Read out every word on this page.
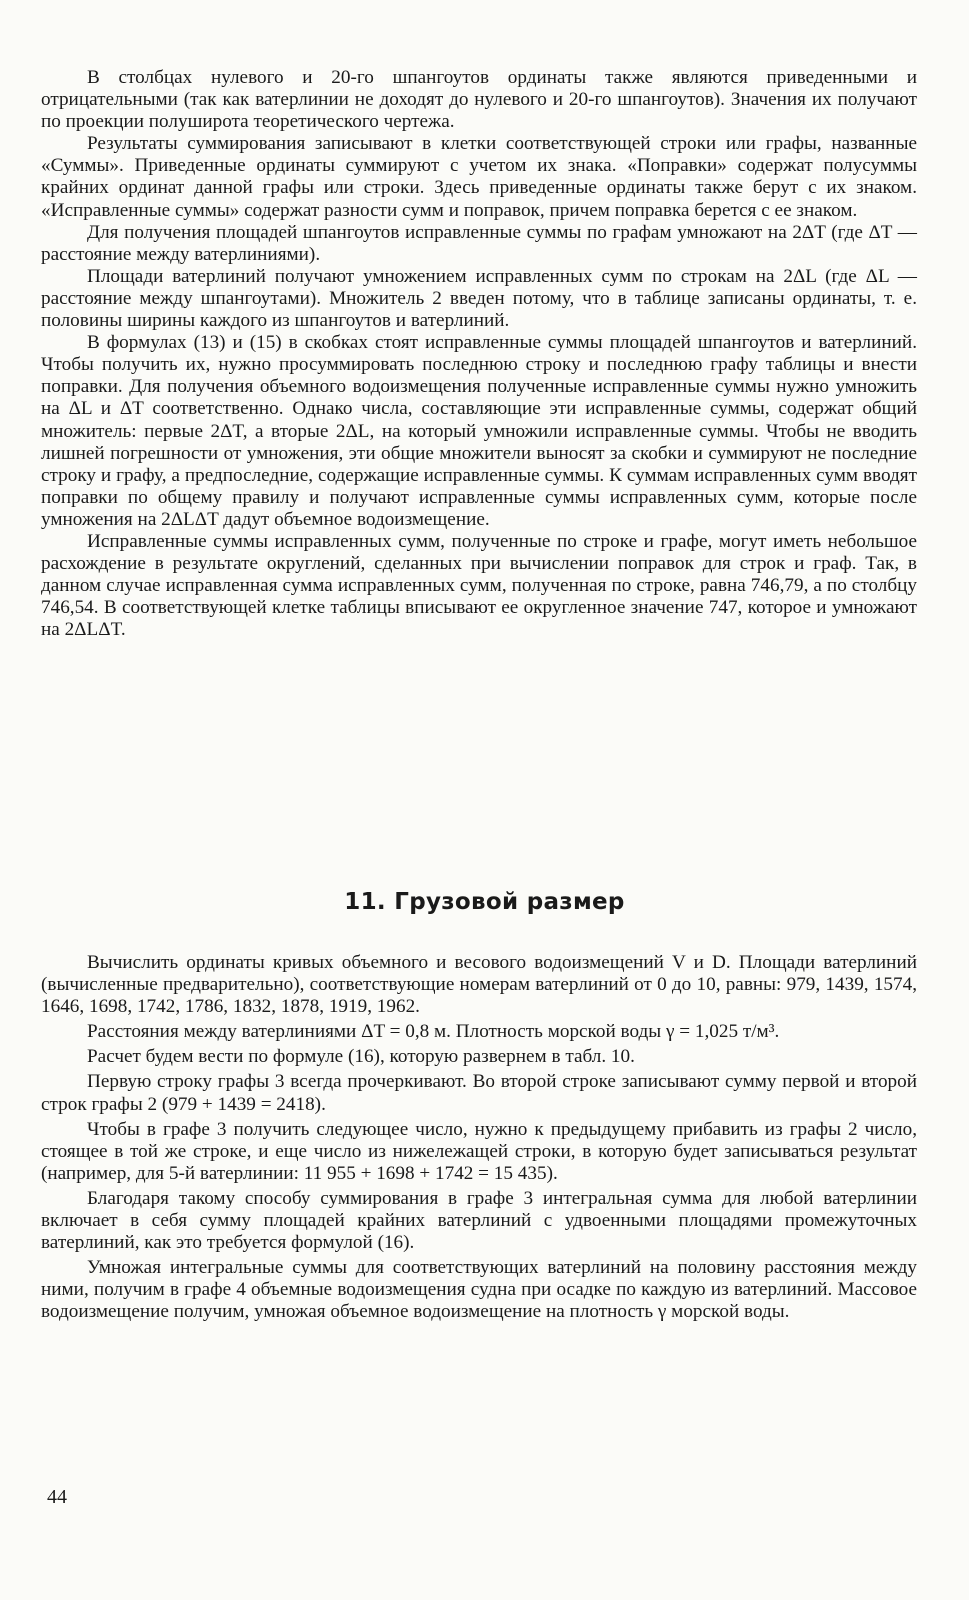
В столбцах нулевого и 20-го шпангоутов ординаты также являются приведенными и отрицательными (так как ватерлинии не доходят до нулевого и 20-го шпангоутов). Значения их получают по проекции полуширота теоретического чертежа.

Результаты суммирования записывают в клетки соответствующей строки или графы, названные «Суммы». Приведенные ординаты суммируют с учетом их знака. «Поправки» содержат полусуммы крайних ординат данной графы или строки. Здесь приведенные ординаты также берут с их знаком. «Исправленные суммы» содержат разности сумм и поправок, причем поправка берется с ее знаком.

Для получения площадей шпангоутов исправленные суммы по графам умножают на 2ΔT (где ΔT — расстояние между ватерлиниями).

Площади ватерлиний получают умножением исправленных сумм по строкам на 2ΔL (где ΔL — расстояние между шпангоутами). Множитель 2 введен потому, что в таблице записаны ординаты, т. е. половины ширины каждого из шпангоутов и ватерлиний.

В формулах (13) и (15) в скобках стоят исправленные суммы площадей шпангоутов и ватерлиний. Чтобы получить их, нужно просуммировать последнюю строку и последнюю графу таблицы и внести поправки. Для получения объемного водоизмещения полученные исправленные суммы нужно умножить на ΔL и ΔT соответственно. Однако числа, составляющие эти исправленные суммы, содержат общий множитель: первые 2ΔT, а вторые 2ΔL, на который умножили исправленные суммы. Чтобы не вводить лишней погрешности от умножения, эти общие множители выносят за скобки и суммируют не последние строку и графу, а предпоследние, содержащие исправленные суммы. К суммам исправленных сумм вводят поправки по общему правилу и получают исправленные суммы исправленных сумм, которые после умножения на 2ΔLΔT дадут объемное водоизмещение.

Исправленные суммы исправленных сумм, полученные по строке и графе, могут иметь небольшое расхождение в результате округлений, сделанных при вычислении поправок для строк и граф. Так, в данном случае исправленная сумма исправленных сумм, полученная по строке, равна 746,79, а по столбцу 746,54. В соответствующей клетке таблицы вписывают ее округленное значение 747, которое и умножают на 2ΔLΔT.

11. Грузовой размер

Вычислить ординаты кривых объемного и весового водоизмещений V и D. Площади ватерлиний (вычисленные предварительно), соответствующие номерам ватерлиний от 0 до 10, равны: 979, 1439, 1574, 1646, 1698, 1742, 1786, 1832, 1878, 1919, 1962.

Расстояния между ватерлиниями ΔT = 0,8 м. Плотность морской воды γ = 1,025 т/м³.

Расчет будем вести по формуле (16), которую развернем в табл. 10.

Первую строку графы 3 всегда прочеркивают. Во второй строке записывают сумму первой и второй строк графы 2 (979 + 1439 = 2418).

Чтобы в графе 3 получить следующее число, нужно к предыдущему прибавить из графы 2 число, стоящее в той же строке, и еще число из нижележащей строки, в которую будет записываться результат (например, для 5-й ватерлинии: 11 955 + 1698 + 1742 = 15 435).

Благодаря такому способу суммирования в графе 3 интегральная сумма для любой ватерлинии включает в себя сумму площадей крайних ватерлиний с удвоенными площадями промежуточных ватерлиний, как это требуется формулой (16).

Умножая интегральные суммы для соответствующих ватерлиний на половину расстояния между ними, получим в графе 4 объемные водоизмещения судна при осадке по каждую из ватерлиний. Массовое водоизмещение получим, умножая объемное водоизмещение на плотность γ морской воды.

44
